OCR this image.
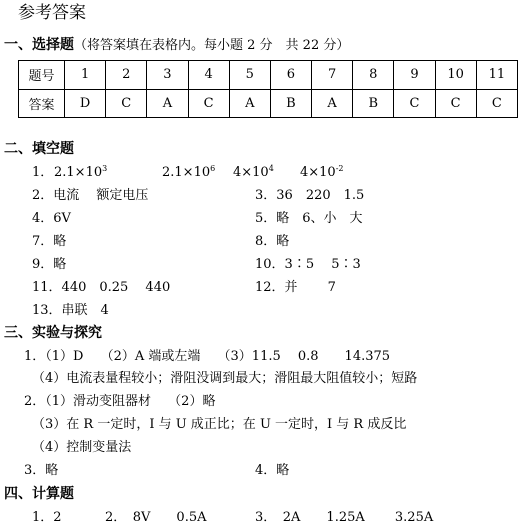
参考答案
一、选择题（将答案填在表格内。每小题 2 分　共 22 分）
题号	1	2	3	4	5	6	7	8	9	10	11
答案	D	C	A	C	A	B	A	B	C	C	C
二、填空题
1． $2.1\times 10^3$	$2.1\times 10^6$ $4\times 10^4$ $4\times 10^{-2}$
2．电流　 额定电压	3．36　220　1.5
4．6V	5．略　6、小　大
7．略	8．略
9．略	10．3∶5　 5∶3
11．440　0.25　 440	12．并　　 7
13．串联　4
三、实验与探究
1．（1）D　 （2）A 端或左端　 （3）11.5　 0.8　　14.375
（4）电流表量程较小；滑阻没调到最大；滑阻最大阻值较小；短路
2．（1）滑动变阻器材　 （2）略
（3）在 R 一定时，I 与 U 成正比；在 U 一定时，I 与 R 成反比
（4）控制变量法
3．略	4．略
四、计算题
1．2	2．　8V　　0.5A	3．　2A　　1.25A　　 3.25A
